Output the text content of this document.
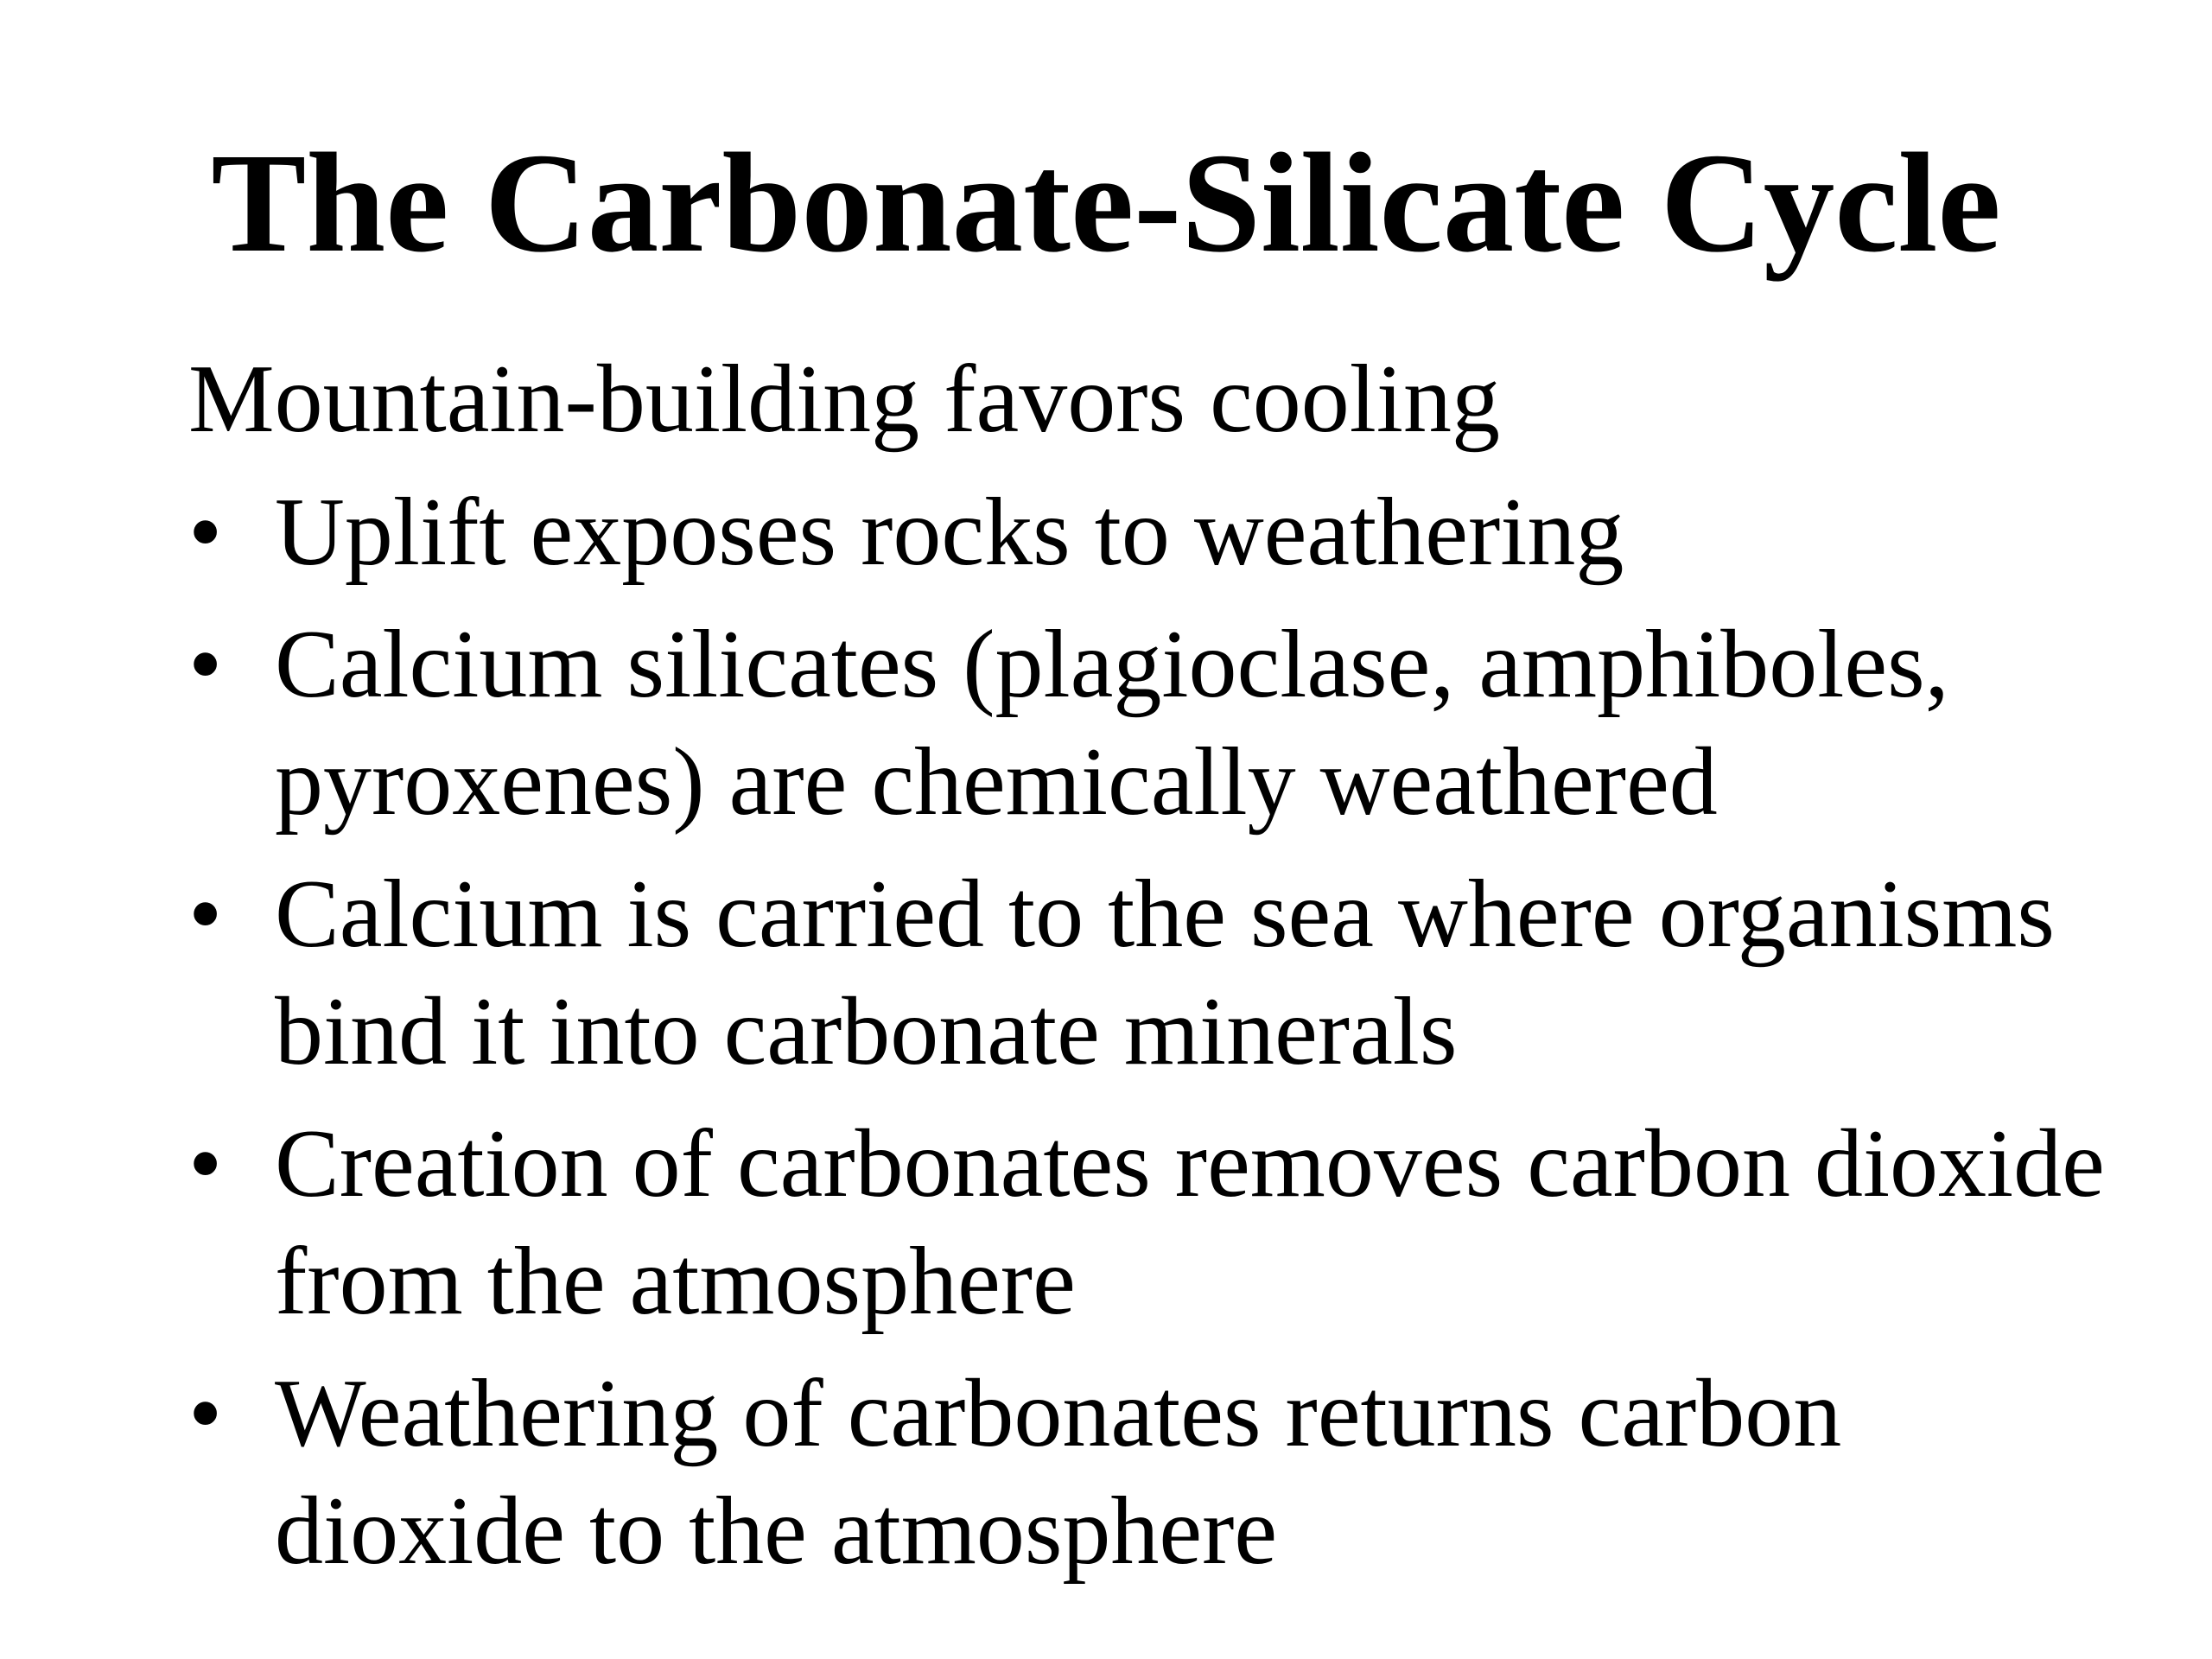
The Carbonate-Silicate Cycle

Mountain-building favors cooling

• Uplift exposes rocks to weathering
• Calcium silicates (plagioclase, amphiboles, pyroxenes) are chemically weathered
• Calcium is carried to the sea where organisms bind it into carbonate minerals
• Creation of carbonates removes carbon dioxide from the atmosphere
• Weathering of carbonates returns carbon dioxide to the atmosphere
